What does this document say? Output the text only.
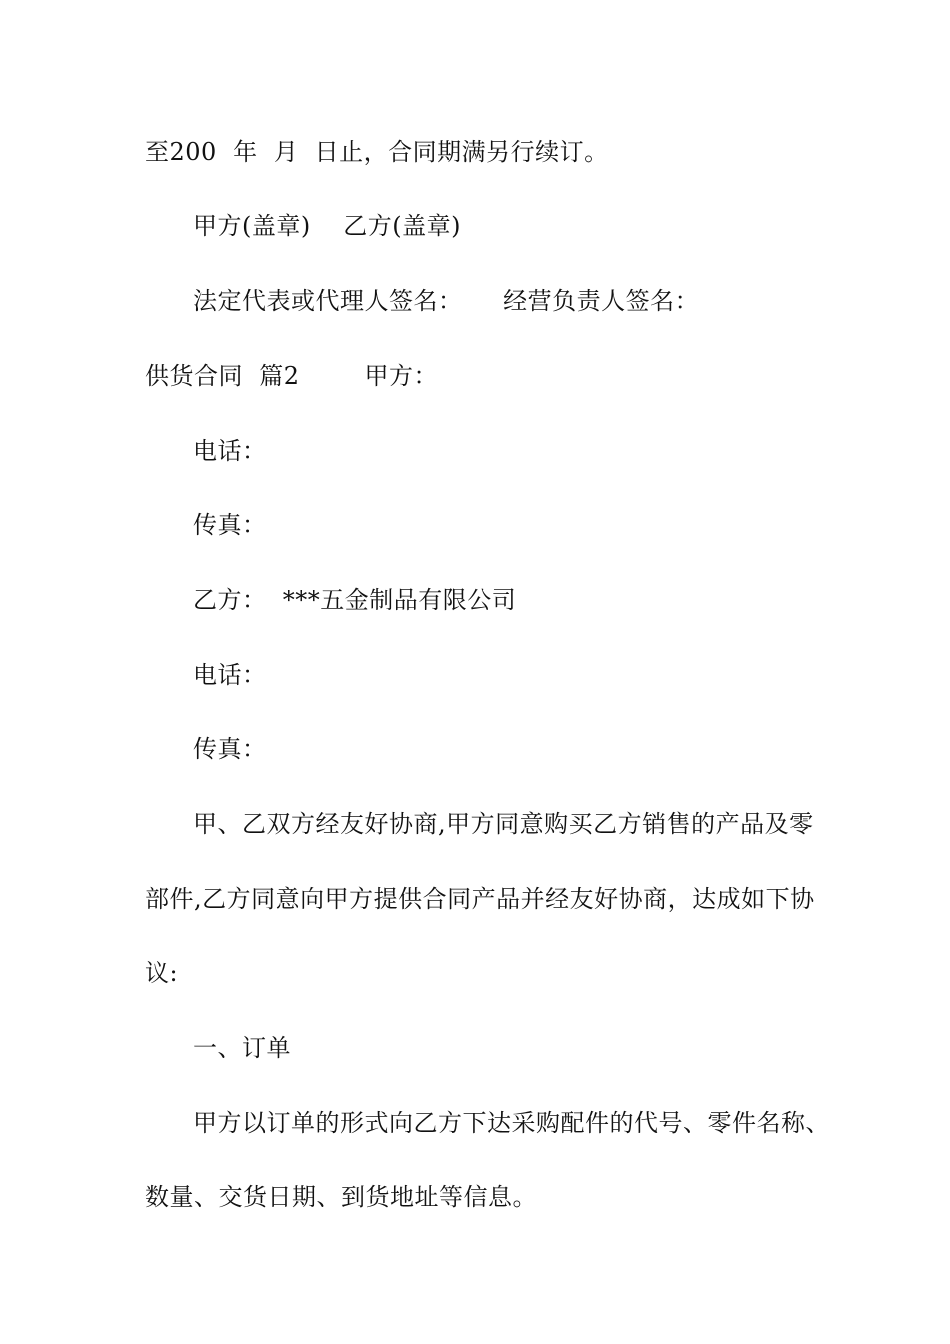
至200  年  月  日止，合同期满另行续订。
甲方(盖章)    乙方(盖章)
法定代表或代理人签名：     经营负责人签名：
供货合同  篇2        甲方：
电话：
传真：
乙方：  ***五金制品有限公司
电话：
传真：
甲、乙双方经友好协商,甲方同意购买乙方销售的产品及零
部件,乙方同意向甲方提供合同产品并经友好协商，达成如下协
议:
一、订单
甲方以订单的形式向乙方下达采购配件的代号、零件名称、
数量、交货日期、到货地址等信息。
